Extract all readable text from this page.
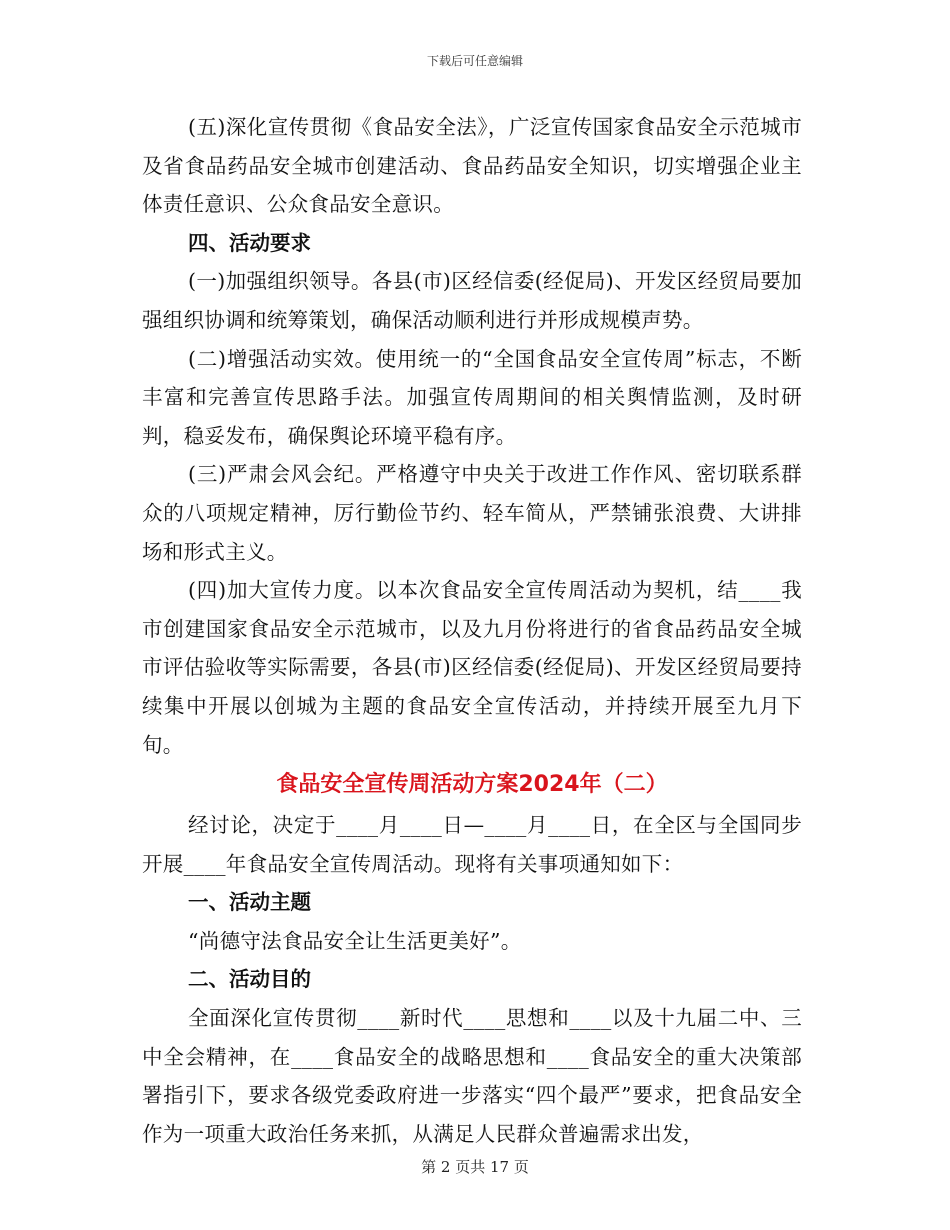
下载后可任意编辑

(五)深化宣传贯彻《食品安全法》，广泛宣传国家食品安全示范城市及省食品药品安全城市创建活动、食品药品安全知识，切实增强企业主体责任意识、公众食品安全意识。

四、活动要求

(一)加强组织领导。各县(市)区经信委(经促局)、开发区经贸局要加强组织协调和统筹策划，确保活动顺利进行并形成规模声势。

(二)增强活动实效。使用统一的“全国食品安全宣传周”标志，不断丰富和完善宣传思路手法。加强宣传周期间的相关舆情监测，及时研判，稳妥发布，确保舆论环境平稳有序。

(三)严肃会风会纪。严格遵守中央关于改进工作作风、密切联系群众的八项规定精神，厉行勤俭节约、轻车简从，严禁铺张浪费、大讲排场和形式主义。

(四)加大宣传力度。以本次食品安全宣传周活动为契机，结____我市创建国家食品安全示范城市，以及九月份将进行的省食品药品安全城市评估验收等实际需要，各县(市)区经信委(经促局)、开发区经贸局要持续集中开展以创城为主题的食品安全宣传活动，并持续开展至九月下旬。

食品安全宣传周活动方案2024年（二）

经讨论，决定于____月____日—____月____日，在全区与全国同步开展____年食品安全宣传周活动。现将有关事项通知如下：

一、活动主题

“尚德守法食品安全让生活更美好”。

二、活动目的

全面深化宣传贯彻____新时代____思想和____以及十九届二中、三中全会精神，在____食品安全的战略思想和____食品安全的重大决策部署指引下，要求各级党委政府进一步落实“四个最严”要求，把食品安全作为一项重大政治任务来抓，从满足人民群众普遍需求出发，

第 2 页共 17 页
